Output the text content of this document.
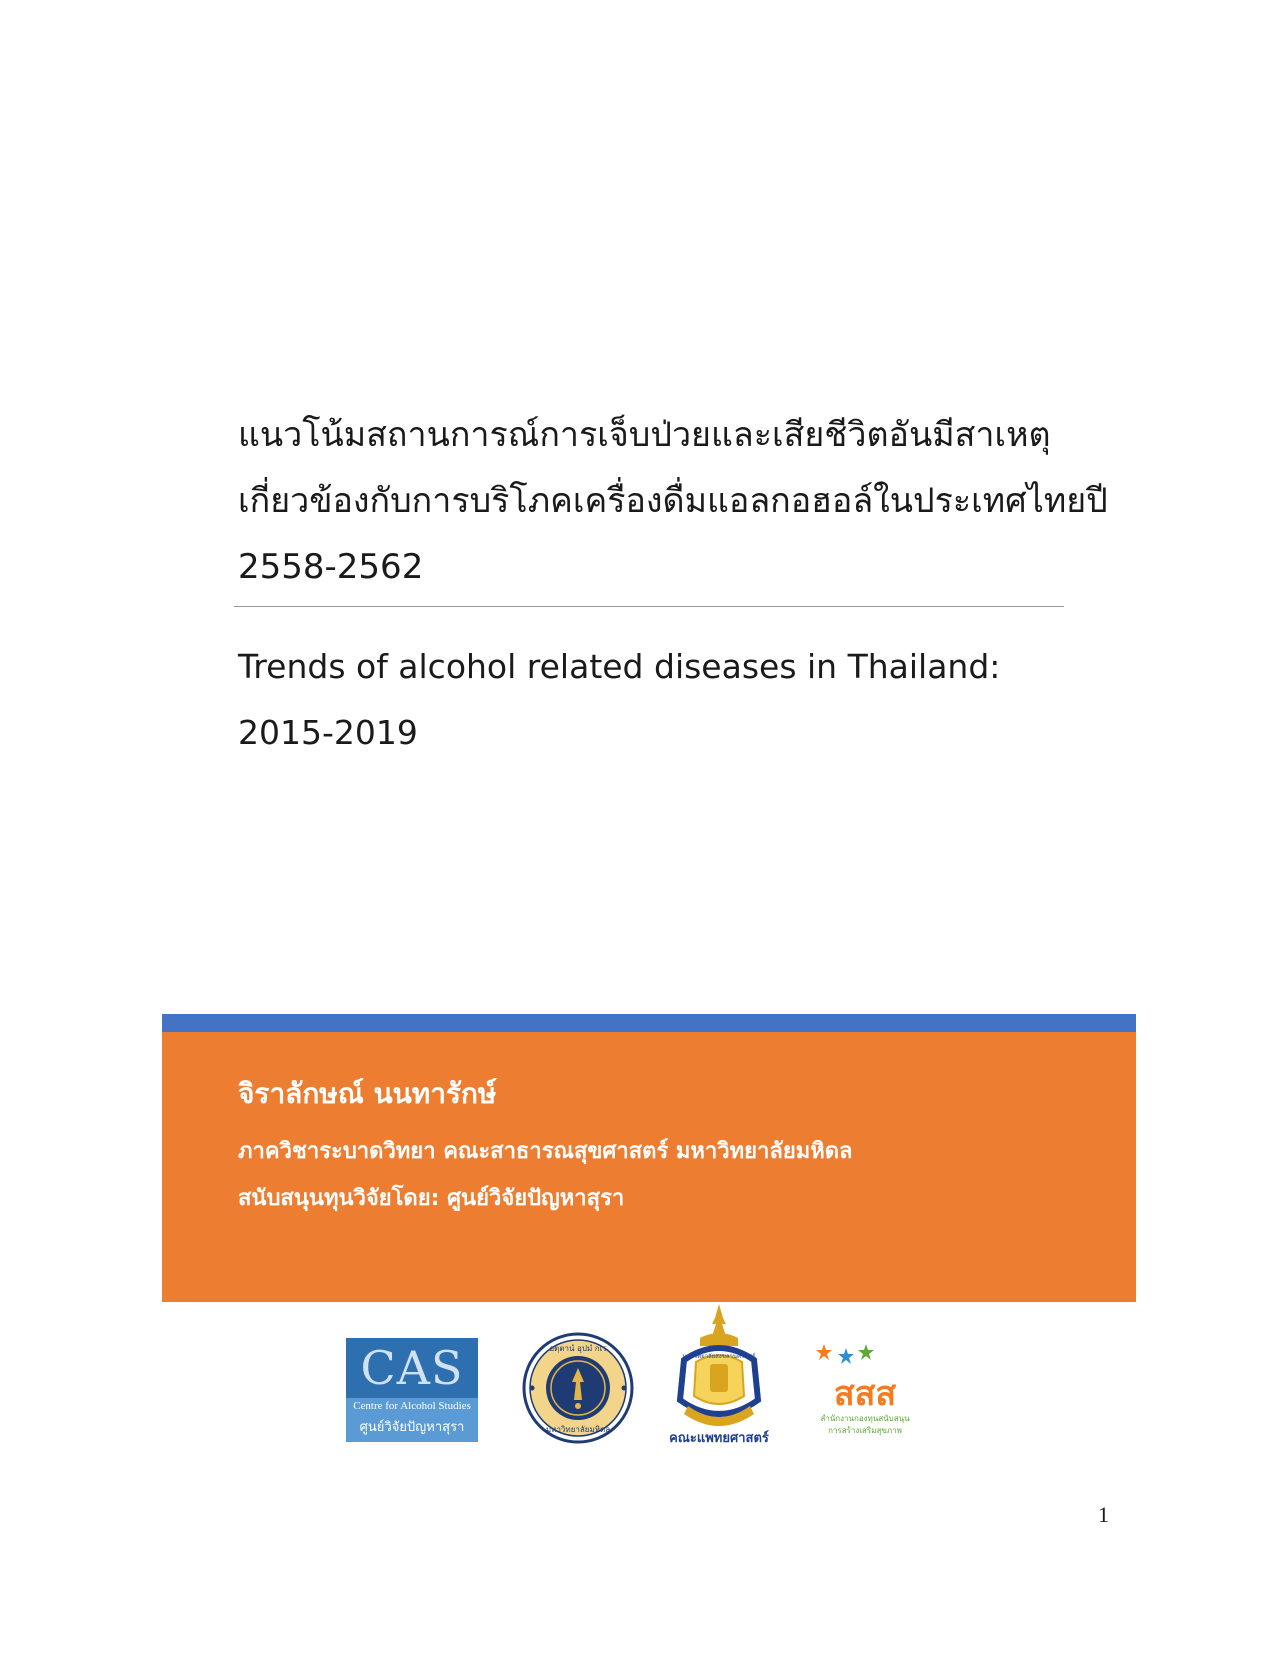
แนวโน้มสถานการณ์การเจ็บป่วยและเสียชีวิตอันมีสาเหตุ
เกี่ยวข้องกับการบริโภคเครื่องดื่มแอลกอฮอล์ในประเทศไทยปี
2558-2562
Trends of alcohol related diseases in Thailand:
2015-2019
จิราลักษณ์ นนทารักษ์
ภาควิชาระบาดวิทยา คณะสาธารณสุขศาสตร์ มหาวิทยาลัยมหิดล
สนับสนุนทุนวิจัยโดย: ศูนย์วิจัยปัญหาสุรา
CAS
Centre for Alcohol Studies
ศูนย์วิจัยปัญหาสุรา
อตฺตานํ อุปมํ กเร
มหาวิทยาลัยมหิดล
มหาวิทยาลัยสงขลานครินทร์
คณะแพทยศาสตร์
สสส
สำนักงานกองทุนสนับสนุน
การสร้างเสริมสุขภาพ
1
